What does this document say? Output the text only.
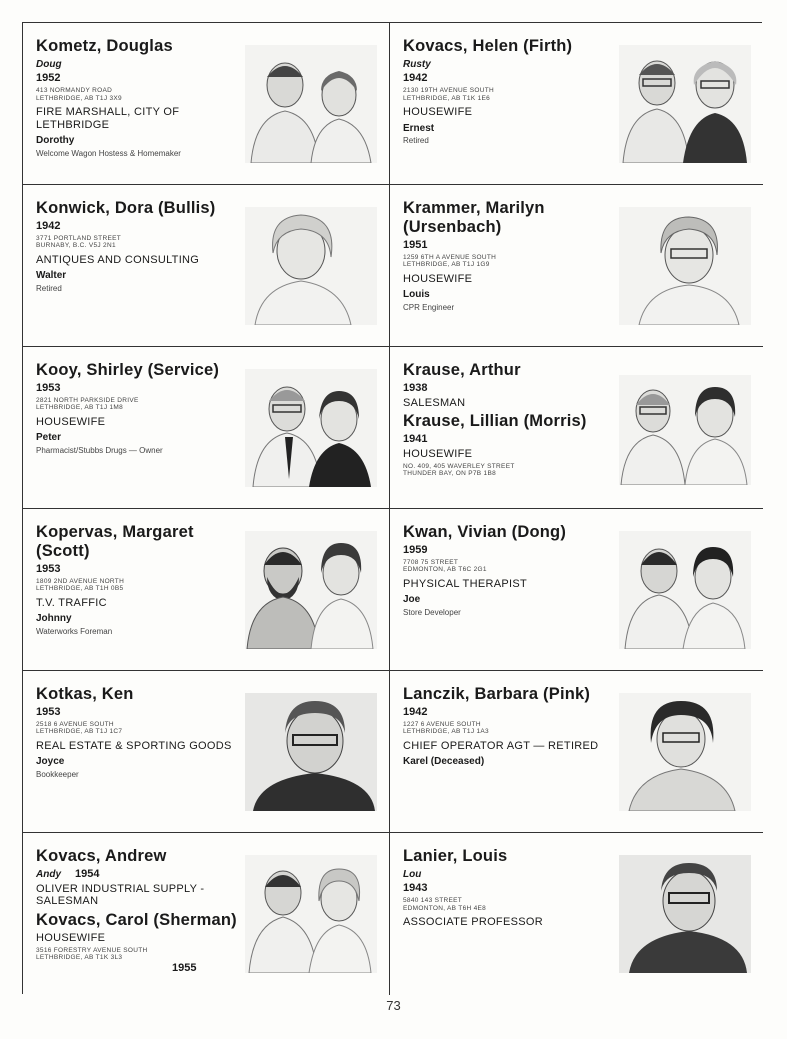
Kometz, Douglas
Doug
1952
413 NORMANDY ROAD
LETHBRIDGE, AB T1J 3X9
FIRE MARSHALL, CITY OF LETHBRIDGE
Dorothy
Welcome Wagon Hostess & Homemaker
Kovacs, Helen (Firth)
Rusty
1942
2130 19TH AVENUE SOUTH
LETHBRIDGE, AB T1K 1E6
HOUSEWIFE
Ernest
Retired
Konwick, Dora (Bullis)
1942
3771 PORTLAND STREET
BURNABY, B.C. V5J 2N1
ANTIQUES AND CONSULTING
Walter
Retired
Krammer, Marilyn (Ursenbach)
1951
1259 6TH A AVENUE SOUTH
LETHBRIDGE, AB T1J 1G9
HOUSEWIFE
Louis
CPR Engineer
Kooy, Shirley (Service)
1953
2821 NORTH PARKSIDE DRIVE
LETHBRIDGE, AB T1J 1M8
HOUSEWIFE
Peter
Pharmacist/Stubbs Drugs — Owner
Krause, Arthur
1938
SALESMAN
Krause, Lillian (Morris)
1941
HOUSEWIFE
NO. 409, 405 WAVERLEY STREET
THUNDER BAY, ON P7B 1B8
Kopervas, Margaret (Scott)
1953
1809 2ND AVENUE NORTH
LETHBRIDGE, AB T1H 0B5
T.V. TRAFFIC
Johnny
Waterworks Foreman
Kwan, Vivian (Dong)
1959
7708 75 STREET
EDMONTON, AB T6C 2G1
PHYSICAL THERAPIST
Joe
Store Developer
Kotkas, Ken
1953
2518 6 AVENUE SOUTH
LETHBRIDGE, AB T1J 1C7
REAL ESTATE & SPORTING GOODS
Joyce
Bookkeeper
Lanczik, Barbara (Pink)
1942
1227 6 AVENUE SOUTH
LETHBRIDGE, AB T1J 1A3
CHIEF OPERATOR AGT — RETIRED
Karel (Deceased)
Kovacs, Andrew
Andy 1954
OLIVER INDUSTRIAL SUPPLY - SALESMAN
Kovacs, Carol (Sherman)
1955
HOUSEWIFE
3516 FORESTRY AVENUE SOUTH
LETHBRIDGE, AB T1K 3L3
Lanier, Louis
Lou
1943
5840 143 STREET
EDMONTON, AB T6H 4E8
ASSOCIATE PROFESSOR
73
